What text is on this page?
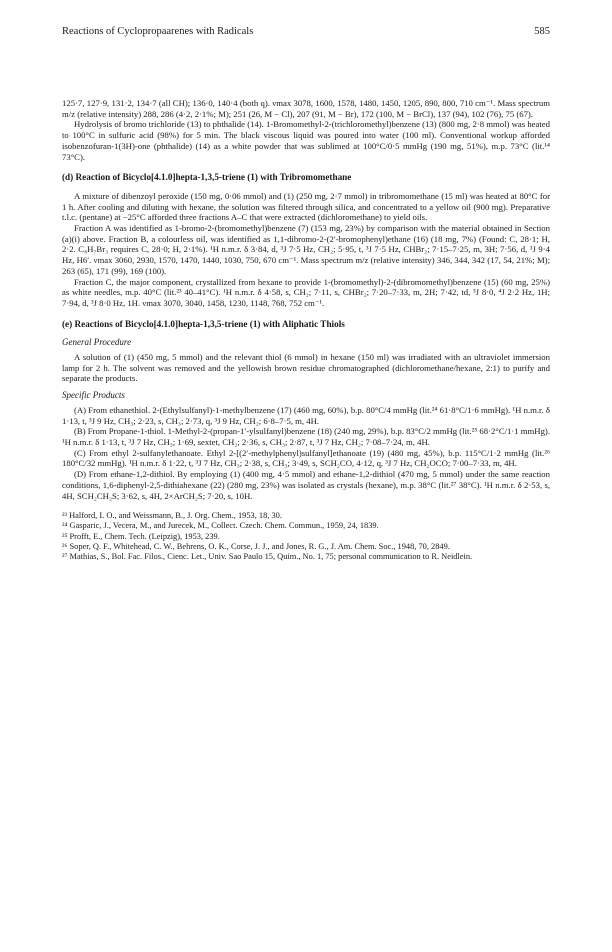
Reactions of Cyclopropaarenes with Radicals	585

125·7, 127·9, 131·2, 134·7 (all CH); 136·0, 140·4 (both q). νmax 3078, 1600, 1578, 1480, 1450, 1205, 890, 800, 710 cm⁻¹. Mass spectrum m/z (relative intensity) 288, 286 (4·2, 2·1%; M); 251 (26, M − Cl), 207 (91, M − Br), 172 (100, M − BrCl), 137 (94), 102 (76), 75 (67).

Hydrolysis of bromo trichloride (13) to phthalide (14). 1-Bromomethyl-2-(trichloromethyl)benzene (13) (800 mg, 2·8 mmol) was heated to 100°C in sulfuric acid (98%) for 5 min. The black viscous liquid was poured into water (100 ml). Conventional workup afforded isobenzofuran-1(3H)-one (phthalide) (14) as a white powder that was sublimed at 100°C/0·5 mmHg (190 mg, 51%), m.p. 73°C (lit.¹⁴ 73°C).

(d) Reaction of Bicyclo[4.1.0]hepta-1,3,5-triene (1) with Tribromomethane

A mixture of dibenzoyl peroxide (150 mg, 0·06 mmol) and (1) (250 mg, 2·7 mmol) in tribromomethane (15 ml) was heated at 80°C for 1 h. After cooling and diluting with hexane, the solution was filtered through silica, and concentrated to a yellow oil (900 mg). Preparative t.l.c. (pentane) at −25°C afforded three fractions A–C that were extracted (dichloromethane) to yield oils.

Fraction A was identified as 1-bromo-2-(bromomethyl)benzene (7) (153 mg, 23%) by comparison with the material obtained in Section (a)(i) above. Fraction B, a colourless oil, was identified as 1,1-dibromo-2-(2′-bromophenyl)ethane (16) (18 mg, 7%) (Found: C, 28·1; H, 2·2. C₈H₇Br₃ requires C, 28·0; H, 2·1%). ¹H n.m.r. δ 3·84, d, ³J 7·5 Hz, CH₂; 5·95, t, ³J 7·5 Hz, CHBr₂; 7·15–7·25, m, 3H; 7·56, d, ³J 9·4 Hz, H6′. νmax 3060, 2930, 1570, 1470, 1440, 1030, 750, 670 cm⁻¹. Mass spectrum m/z (relative intensity) 346, 344, 342 (17, 54, 21%; M); 263 (65), 171 (99), 169 (100).

Fraction C, the major component, crystallized from hexane to provide 1-(bromomethyl)-2-(dibromomethyl)benzene (15) (60 mg, 25%) as white needles, m.p. 40°C (lit.²³ 40–41°C). ¹H n.m.r. δ 4·58, s, CH₂; 7·11, s, CHBr₂; 7·20–7·33, m, 2H; 7·42, td, ³J 8·0, ⁴J 2·2 Hz, 1H; 7·94, d, ³J 8·0 Hz, 1H. νmax 3070, 3040, 1458, 1230, 1148, 768, 752 cm⁻¹.

(e) Reactions of Bicyclo[4.1.0]hepta-1,3,5-triene (1) with Aliphatic Thiols
General Procedure

A solution of (1) (450 mg, 5 mmol) and the relevant thiol (6 mmol) in hexane (150 ml) was irradiated with an ultraviolet immersion lamp for 2 h. The solvent was removed and the yellowish brown residue chromatographed (dichloromethane/hexane, 2:1) to purify and separate the products.

Specific Products

(A) From ethanethiol. 2-(Ethylsulfanyl)-1-methylbenzene (17) (460 mg, 60%), b.p. 80°C/4 mmHg (lit.²⁴ 61·8°C/1·6 mmHg). ¹H n.m.r. δ 1·13, t, ³J 9 Hz, CH₃; 2·23, s, CH₃; 2·73, q, ³J 9 Hz, CH₂; 6·8–7·5, m, 4H.

(B) From Propane-1-thiol. 1-Methyl-2-(propan-1′-ylsulfanyl)benzene (18) (240 mg, 29%), b.p. 83°C/2 mmHg (lit.²⁵ 68·2°C/1·1 mmHg). ¹H n.m.r. δ 1·13, t, ³J 7 Hz, CH₃; 1·69, sextet, CH₂; 2·36, s, CH₃; 2·87, t, ³J 7 Hz, CH₂; 7·08–7·24, m, 4H.

(C) From ethyl 2-sulfanylethanoate. Ethyl 2-[(2′-methylphenyl)sulfanyl]ethanoate (19) (480 mg, 45%), b.p. 115°C/1·2 mmHg (lit.²⁶ 180°C/32 mmHg). ¹H n.m.r. δ 1·22, t, ³J 7 Hz, CH₃; 2·38, s, CH₃; 3·49, s, SCH₂CO, 4·12, q, ³J 7 Hz, CH₂OCO; 7·00–7·33, m, 4H.

(D) From ethane-1,2-dithiol. By employing (1) (400 mg, 4·5 mmol) and ethane-1,2-dithiol (470 mg, 5 mmol) under the same reaction conditions, 1,6-diphenyl-2,5-dithiahexane (22) (280 mg, 23%) was isolated as crystals (hexane), m.p. 38°C (lit.²⁷ 38°C). ¹H n.m.r. δ 2·53, s, 4H, SCH₂CH₂S; 3·62, s, 4H, 2×ArCH₂S; 7·20, s, 10H.

²³ Halford, I. O., and Weissmann, B., J. Org. Chem., 1953, 18, 30.
²⁴ Gasparic, J., Vecera, M., and Jurecek, M., Collect. Czech. Chem. Commun., 1959, 24, 1839.
²⁵ Profft, E., Chem. Tech. (Leipzig), 1953, 239.
²⁶ Soper, Q. F., Whitehead, C. W., Behrens, O. K., Corse, J. J., and Jones, R. G., J. Am. Chem. Soc., 1948, 70, 2849.
²⁷ Mathias, S., Bol. Fac. Filos., Cienc. Let., Univ. Sao Paulo 15, Quim., No. 1, 75; personal communication to R. Neidlein.
